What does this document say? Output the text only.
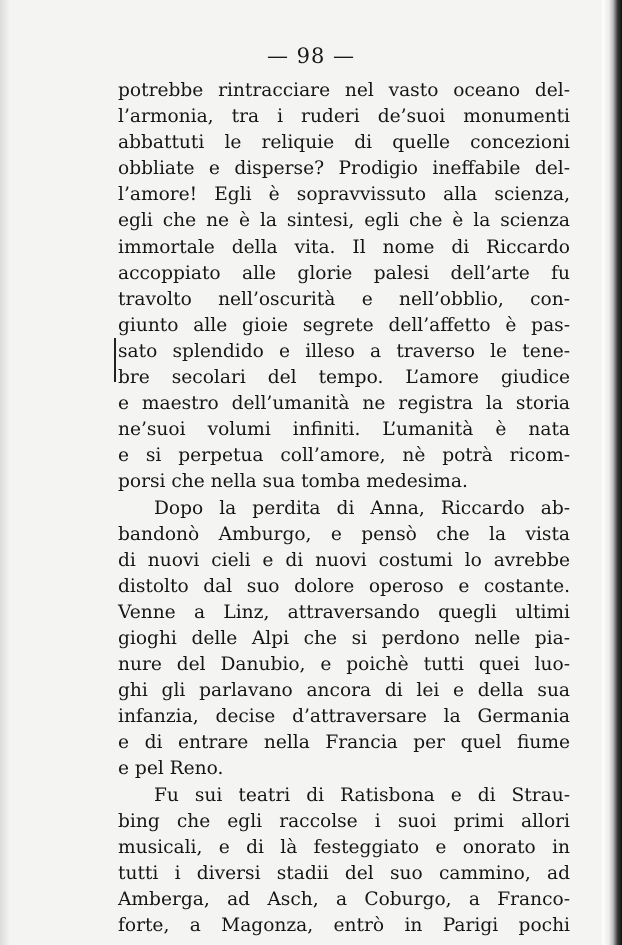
— 98 —
potrebbe rintracciare nel vasto oceano del-
l’armonia, tra i ruderi de’suoi monumenti
abbattuti le reliquie di quelle concezioni
obbliate e disperse? Prodigio ineffabile del-
l’amore! Egli è sopravvissuto alla scienza,
egli che ne è la sintesi, egli che è la scienza
immortale della vita. Il nome di Riccardo
accoppiato alle glorie palesi dell’arte fu
travolto nell’oscurità e nell’obblio, con-
giunto alle gioie segrete dell’affetto è pas-
sato splendido e illeso a traverso le tene-
bre secolari del tempo. L’amore giudice
e maestro dell’umanità ne registra la storia
ne’suoi volumi infiniti. L’umanità è nata
e si perpetua coll’amore, nè potrà ricom-
porsi che nella sua tomba medesima.
Dopo la perdita di Anna, Riccardo ab-
bandonò Amburgo, e pensò che la vista
di nuovi cieli e di nuovi costumi lo avrebbe
distolto dal suo dolore operoso e costante.
Venne a Linz, attraversando quegli ultimi
gioghi delle Alpi che si perdono nelle pia-
nure del Danubio, e poichè tutti quei luo-
ghi gli parlavano ancora di lei e della sua
infanzia, decise d’attraversare la Germania
e di entrare nella Francia per quel fiume
e pel Reno.
Fu sui teatri di Ratisbona e di Strau-
bing che egli raccolse i suoi primi allori
musicali, e di là festeggiato e onorato in
tutti i diversi stadii del suo cammino, ad
Amberga, ad Asch, a Coburgo, a Franco-
forte, a Magonza, entrò in Parigi pochi
